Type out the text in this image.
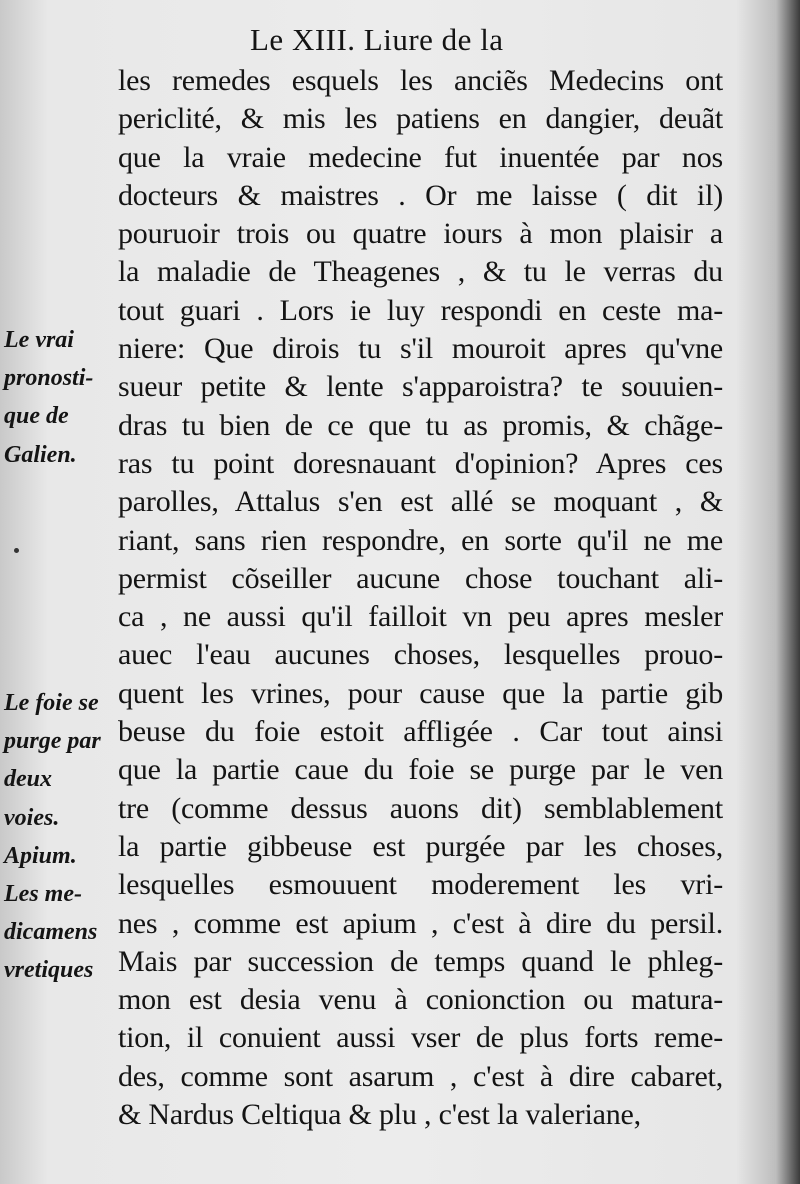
Le XIII. Liure de la
les remedes esquels les anciẽs Medecins ont
periclité, & mis les patiens en dangier, deuãt
que la vraie medecine fut inuentée par nos
docteurs & maistres . Or me laisse ( dit il)
pouruoir trois ou quatre iours à mon plaisir a
la maladie de Theagenes , & tu le verras du
tout guari . Lors ie luy respondi en ceste ma-
niere: Que dirois tu s'il mouroit apres qu'vne
sueur petite & lente s'apparoistra? te souuien-
dras tu bien de ce que tu as promis, & chãge-
ras tu point doresnauant d'opinion? Apres ces
parolles, Attalus s'en est allé se moquant , &
riant, sans rien respondre, en sorte qu'il ne me
permist cõseiller aucune chose touchant ali-
ca , ne aussi qu'il failloit vn peu apres mesler
auec l'eau aucunes choses, lesquelles prouo-
quent les vrines, pour cause que la partie gib
beuse du foie estoit affligée . Car tout ainsi
que la partie caue du foie se purge par le ven
tre (comme dessus auons dit) semblablement
la partie gibbeuse est purgée par les choses,
lesquelles esmouuent moderement les vri-
nes , comme est apium , c'est à dire du persil.
Mais par succession de temps quand le phleg-
mon est desia venu à conionction ou matura-
tion, il conuient aussi vser de plus forts reme-
des, comme sont asarum , c'est à dire cabaret,
& Nardus Celtiqua & plu , c'est la valeriane,
Le vrai
pronosti-
que de
Galien.
Le foie se
purge par
deux
voies.
Apium.
Les me-
dicamens
vretiques
